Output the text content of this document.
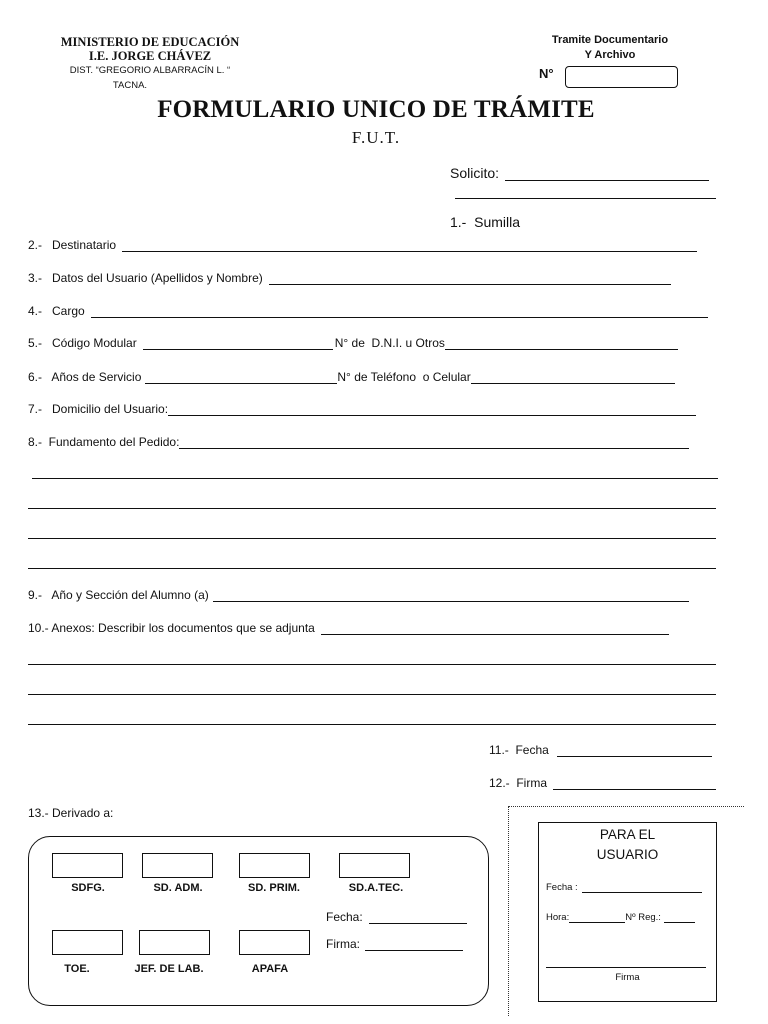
MINISTERIO DE EDUCACIÓN
I.E. JORGE CHÁVEZ
DIST. “GREGORIO ALBARRACÍN L. “
TACNA.
Tramite Documentario
Y Archivo
N°
FORMULARIO UNICO DE TRÁMITE
F.U.T.
Solicito:
1.-  Sumilla
2.-   Destinatario
3.-   Datos del Usuario (Apellidos y Nombre)
4.-   Cargo
5.-   Código Modular	N° de  D.N.I. u Otros
6.-   Años de Servicio	N° de Teléfono  o Celular
7.-   Domicilio del Usuario:
8.-  Fundamento del Pedido:
9.-   Año y Sección del Alumno (a)
10.- Anexos: Describir los documentos que se adjunta
11.-  Fecha
12.-  Firma
13.- Derivado a:
SDFG.	SD. ADM.	SD. PRIM.	SD.A.TEC.
Fecha:
Firma:
TOE.	JEF. DE LAB.	APAFA
PARA EL
USUARIO
Fecha :
Hora:	Nº Reg.:
Firma
